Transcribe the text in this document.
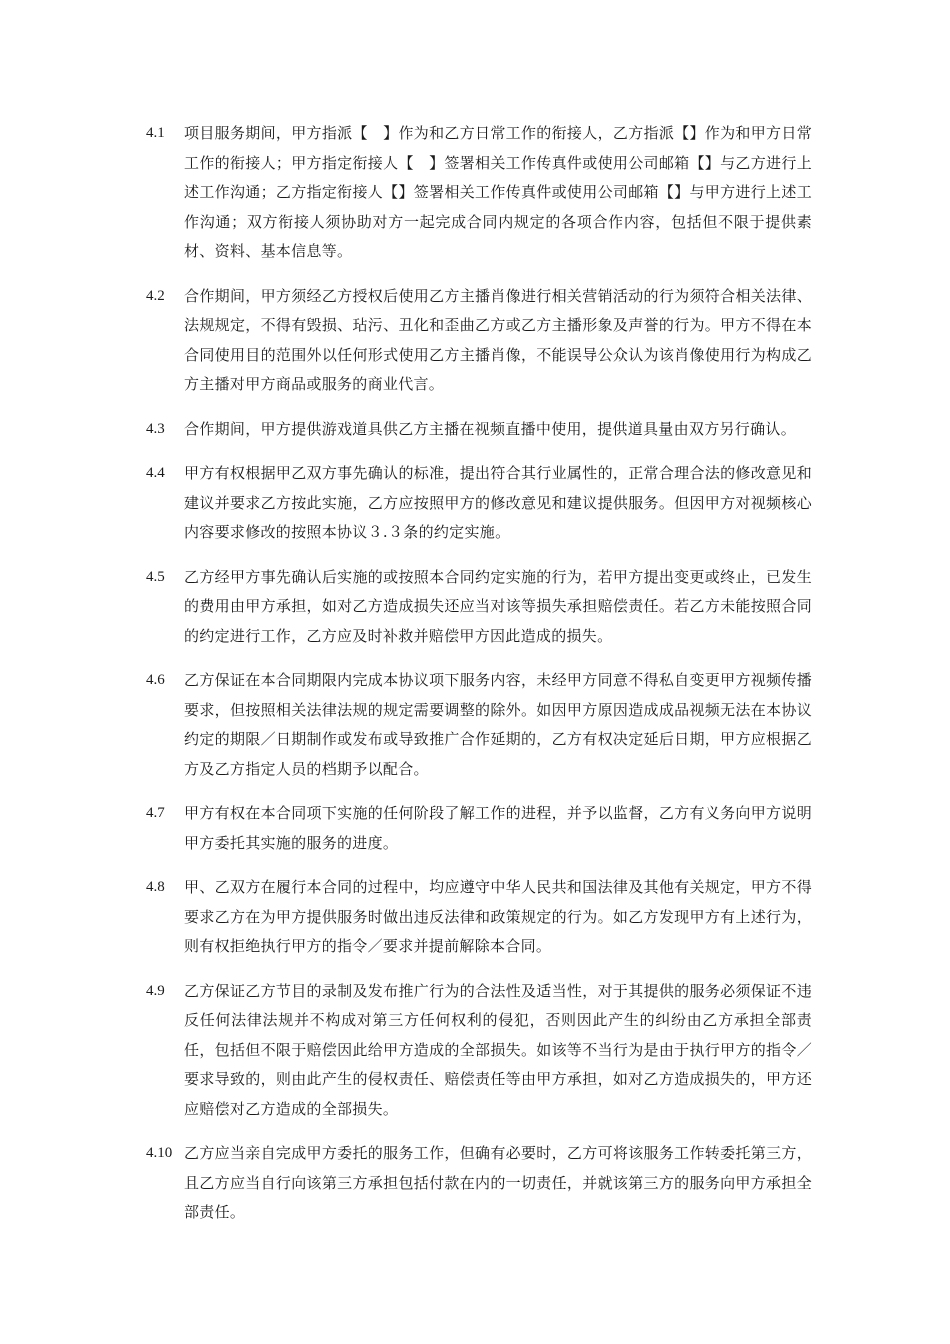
4.1	项目服务期间，甲方指派【　】作为和乙方日常工作的衔接人，乙方指派【】作为和甲方日常工作的衔接人；甲方指定衔接人【　】签署相关工作传真件或使用公司邮箱【】与乙方进行上述工作沟通；乙方指定衔接人【】签署相关工作传真件或使用公司邮箱【】与甲方进行上述工作沟通；双方衔接人须协助对方一起完成合同内规定的各项合作内容，包括但不限于提供素材、资料、基本信息等。
4.2	合作期间，甲方须经乙方授权后使用乙方主播肖像进行相关营销活动的行为须符合相关法律、法规规定，不得有毁损、玷污、丑化和歪曲乙方或乙方主播形象及声誉的行为。甲方不得在本合同使用目的范围外以任何形式使用乙方主播肖像，不能误导公众认为该肖像使用行为构成乙方主播对甲方商品或服务的商业代言。
4.3	合作期间，甲方提供游戏道具供乙方主播在视频直播中使用，提供道具量由双方另行确认。
4.4	甲方有权根据甲乙双方事先确认的标准，提出符合其行业属性的，正常合理合法的修改意见和建议并要求乙方按此实施，乙方应按照甲方的修改意见和建议提供服务。但因甲方对视频核心内容要求修改的按照本协议３.３条的约定实施。
4.5	乙方经甲方事先确认后实施的或按照本合同约定实施的行为，若甲方提出变更或终止，已发生的费用由甲方承担，如对乙方造成损失还应当对该等损失承担赔偿责任。若乙方未能按照合同的约定进行工作，乙方应及时补救并赔偿甲方因此造成的损失。
4.6	乙方保证在本合同期限内完成本协议项下服务内容，未经甲方同意不得私自变更甲方视频传播要求，但按照相关法律法规的规定需要调整的除外。如因甲方原因造成成品视频无法在本协议约定的期限／日期制作或发布或导致推广合作延期的，乙方有权决定延后日期，甲方应根据乙方及乙方指定人员的档期予以配合。
4.7	甲方有权在本合同项下实施的任何阶段了解工作的进程，并予以监督，乙方有义务向甲方说明甲方委托其实施的服务的进度。
4.8	甲、乙双方在履行本合同的过程中，均应遵守中华人民共和国法律及其他有关规定，甲方不得要求乙方在为甲方提供服务时做出违反法律和政策规定的行为。如乙方发现甲方有上述行为，则有权拒绝执行甲方的指令／要求并提前解除本合同。
4.9	乙方保证乙方节目的录制及发布推广行为的合法性及适当性，对于其提供的服务必须保证不违反任何法律法规并不构成对第三方任何权利的侵犯，否则因此产生的纠纷由乙方承担全部责任，包括但不限于赔偿因此给甲方造成的全部损失。如该等不当行为是由于执行甲方的指令／要求导致的，则由此产生的侵权责任、赔偿责任等由甲方承担，如对乙方造成损失的，甲方还应赔偿对乙方造成的全部损失。
4.10 乙方应当亲自完成甲方委托的服务工作，但确有必要时，乙方可将该服务工作转委托第三方，且乙方应当自行向该第三方承担包括付款在内的一切责任，并就该第三方的服务向甲方承担全部责任。
